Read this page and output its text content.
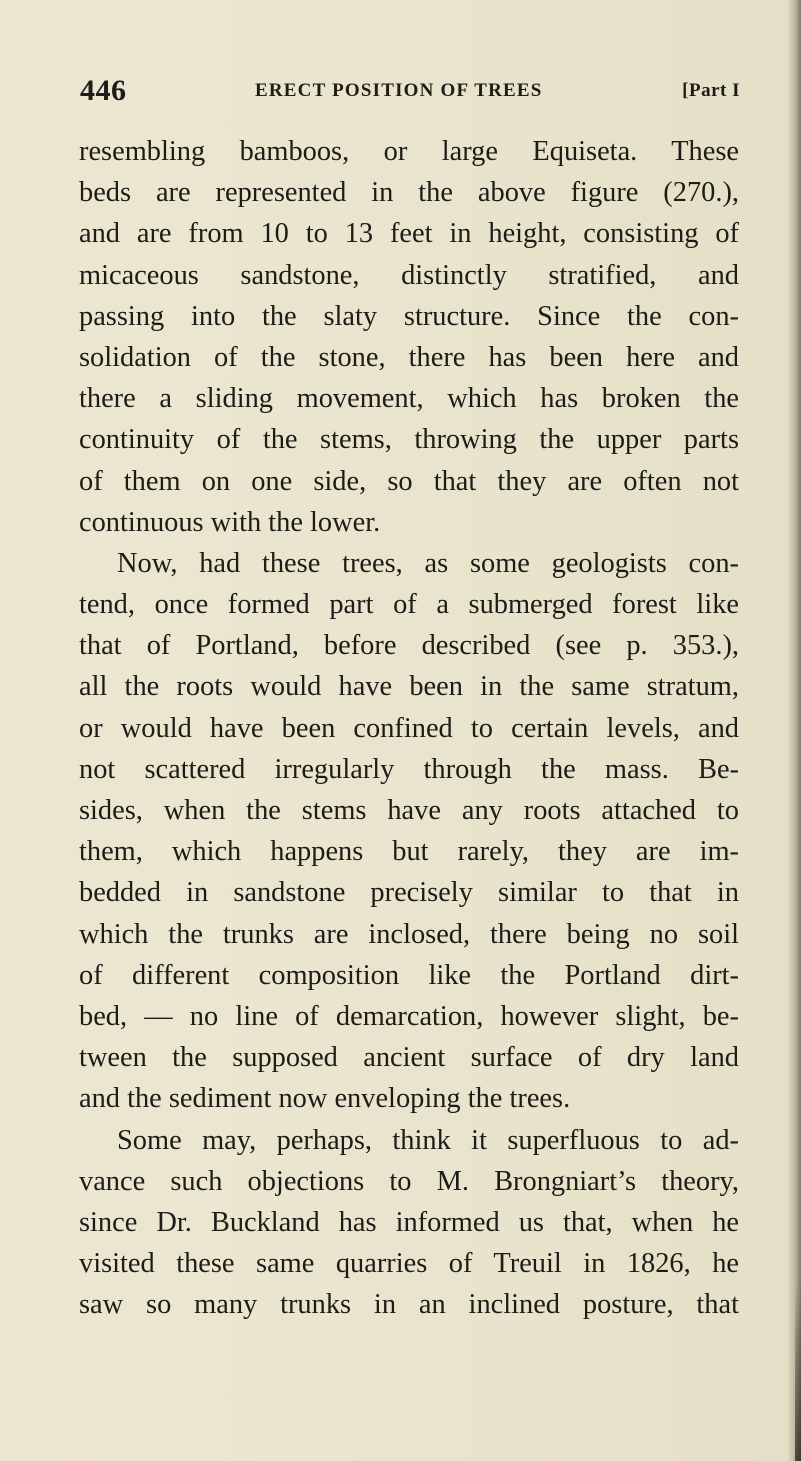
446	ERECT POSITION OF TREES	[Part I
resembling bamboos, or large Equiseta. These
beds are represented in the above figure (270.),
and are from 10 to 13 feet in height, consisting of
micaceous sandstone, distinctly stratified, and
passing into the slaty structure. Since the con-
solidation of the stone, there has been here and
there a sliding movement, which has broken the
continuity of the stems, throwing the upper parts
of them on one side, so that they are often not
continuous with the lower.
Now, had these trees, as some geologists con-
tend, once formed part of a submerged forest like
that of Portland, before described (see p. 353.),
all the roots would have been in the same stratum,
or would have been confined to certain levels, and
not scattered irregularly through the mass. Be-
sides, when the stems have any roots attached to
them, which happens but rarely, they are im-
bedded in sandstone precisely similar to that in
which the trunks are inclosed, there being no soil
of different composition like the Portland dirt-
bed, — no line of demarcation, however slight, be-
tween the supposed ancient surface of dry land
and the sediment now enveloping the trees.
Some may, perhaps, think it superfluous to ad-
vance such objections to M. Brongniart’s theory,
since Dr. Buckland has informed us that, when he
visited these same quarries of Treuil in 1826, he
saw so many trunks in an inclined posture, that
